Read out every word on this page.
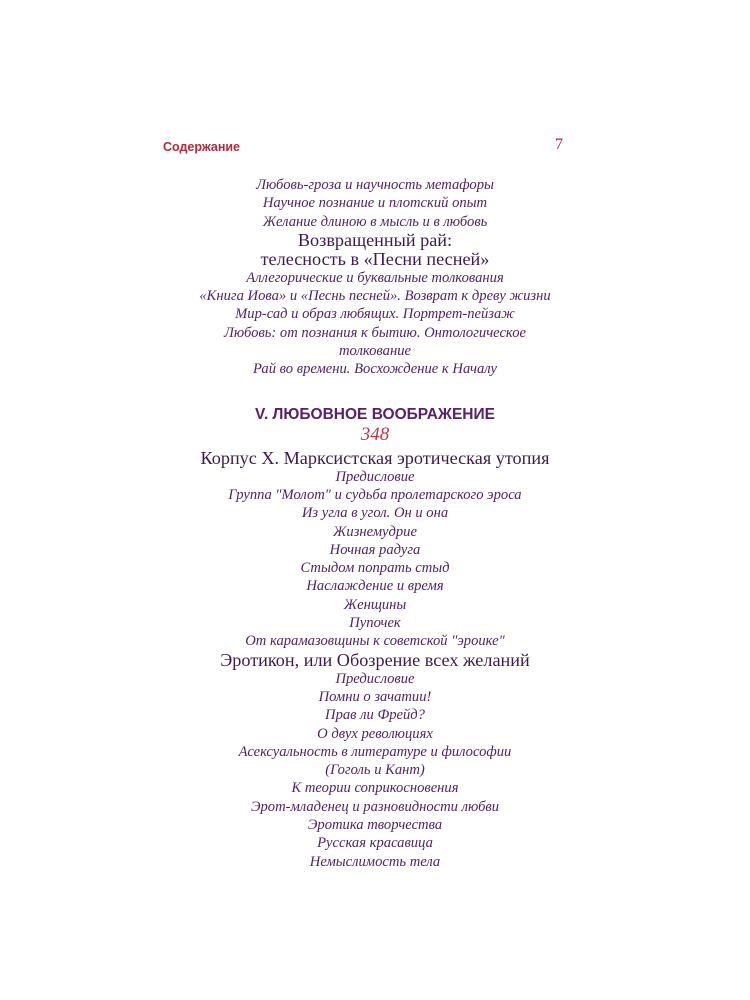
Содержание	7
Любовь-гроза и научность метафоры
Научное познание и плотский опыт
Желание длиною в мысль и в любовь
Возвращенный рай:
телесность в «Песни песней»
Аллегорические и буквальные толкования
«Книга Иова» и «Песнь песней». Возврат к древу жизни
Мир-сад и образ любящих. Портрет-пейзаж
Любовь: от познания к бытию. Онтологическое
толкование
Рай во времени. Восхождение к Началу
V. ЛЮБОВНОЕ ВООБРАЖЕНИЕ
348
Корпус Х. Марксистская эротическая утопия
Предисловие
Группа "Молот" и судьба пролетарского эроса
Из угла в угол. Он и она
Жизнемудрие
Ночная радуга
Стыдом попрать стыд
Наслаждение и время
Женщины
Пупочек
От карамазовщины к советской "эроике"
Эротикон, или Обозрение всех желаний
Предисловие
Помни о зачатии!
Прав ли Фрейд?
О двух революциях
Асексуальность в литературе и философии
(Гоголь и Кант)
К теории соприкосновения
Эрот-младенец и разновидности любви
Эротика творчества
Русская красавица
Немыслимость тела
